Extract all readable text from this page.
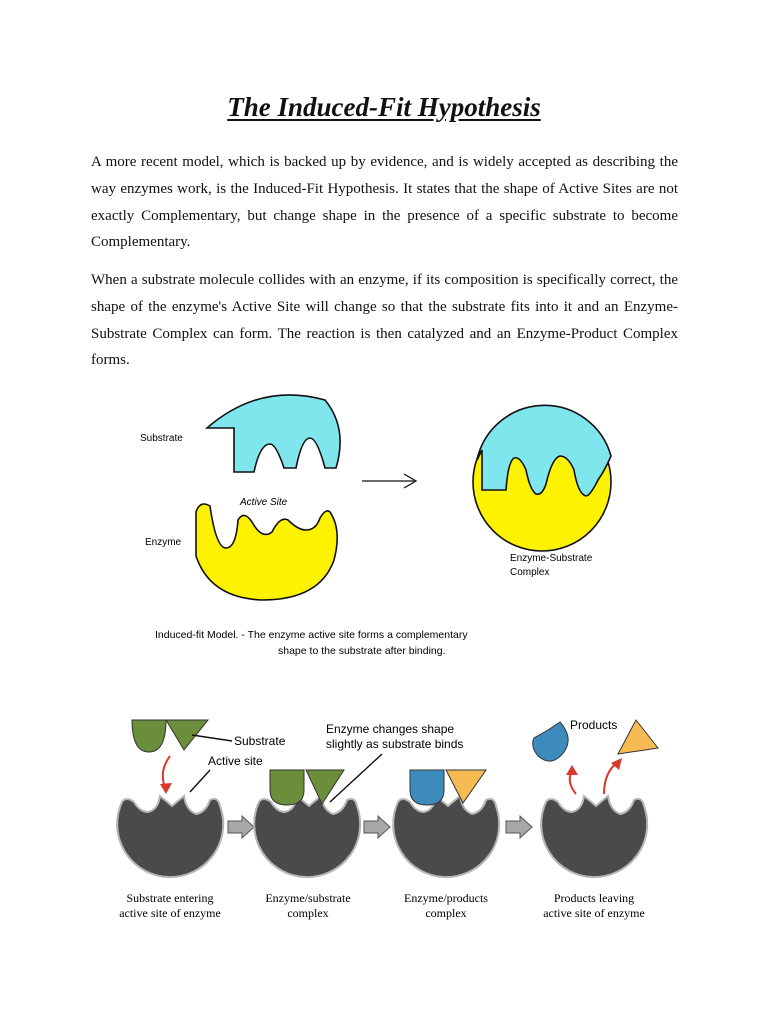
The Induced-Fit Hypothesis

A more recent model, which is backed up by evidence, and is widely accepted as describing the way enzymes work, is the Induced-Fit Hypothesis. It states that the shape of Active Sites are not exactly Complementary, but change shape in the presence of a specific substrate to become Complementary.

When a substrate molecule collides with an enzyme, if its composition is specifically correct, the shape of the enzyme's Active Site will change so that the substrate fits into it and an Enzyme-Substrate Complex can form. The reaction is then catalyzed and an Enzyme-Product Complex forms.

Substrate
Active Site
Enzyme
Enzyme-Substrate
Complex
Induced-fit Model. - The enzyme active site forms a complementary
shape to the substrate after binding.
Substrate
Active site
Enzyme changes shape
slightly as substrate binds
Products
Substrate entering
active site of enzyme
Enzyme/substrate
complex
Enzyme/products
complex
Products leaving
active site of enzyme
